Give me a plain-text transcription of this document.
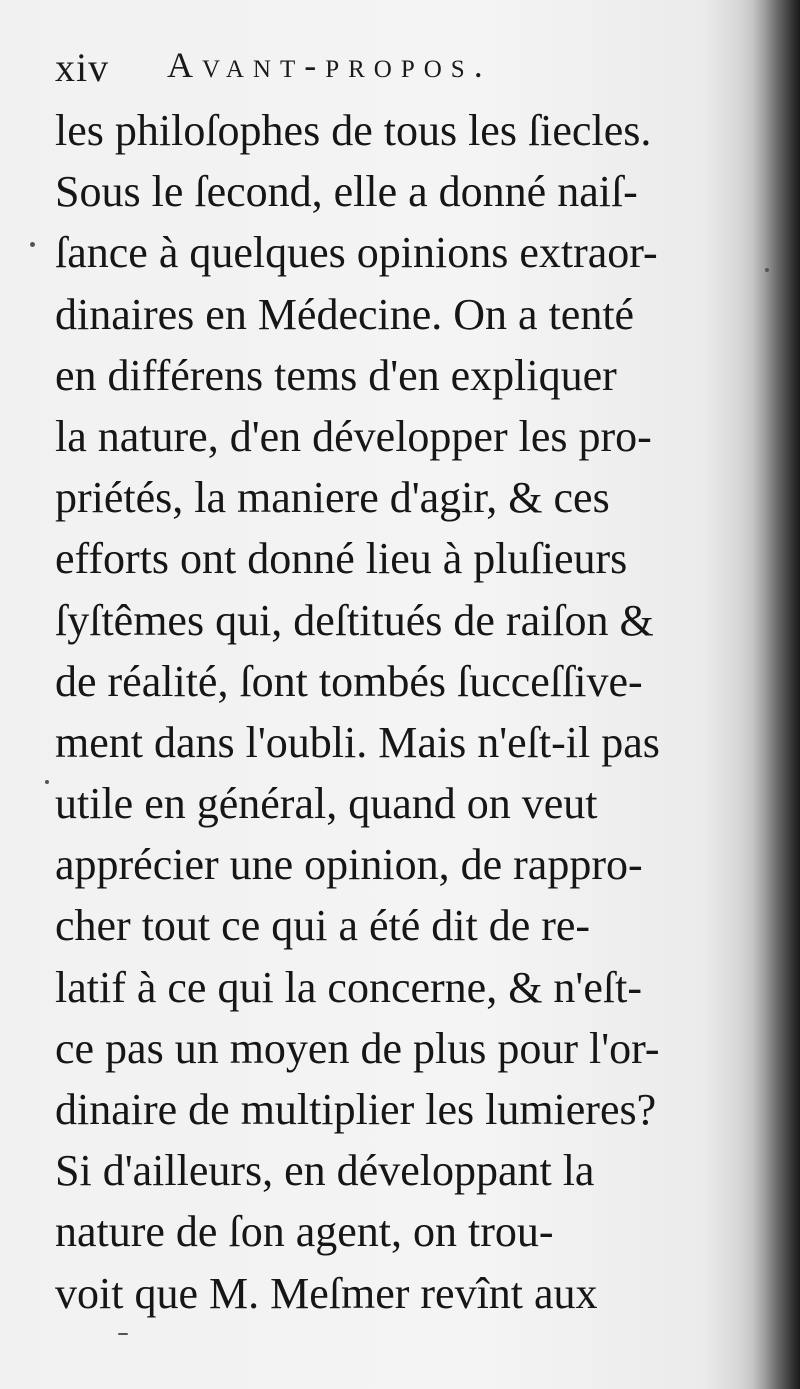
xiv Avant-propos.
les philoſophes de tous les ſiecles.
Sous le ſecond, elle a donné naiſ-
ſance à quelques opinions extraor-
dinaires en Médecine. On a tenté
en différens tems d'en expliquer
la nature, d'en développer les pro-
priétés, la maniere d'agir, & ces
efforts ont donné lieu à pluſieurs
ſyſtêmes qui, deſtitués de raiſon &
de réalité, ſont tombés ſucceſſive-
ment dans l'oubli. Mais n'eſt-il pas
utile en général, quand on veut
apprécier une opinion, de rappro-
cher tout ce qui a été dit de re-
latif à ce qui la concerne, & n'eſt-
ce pas un moyen de plus pour l'or-
dinaire de multiplier les lumieres?
Si d'ailleurs, en développant la
nature de ſon agent, on trou-
voit que M. Meſmer revînt aux
